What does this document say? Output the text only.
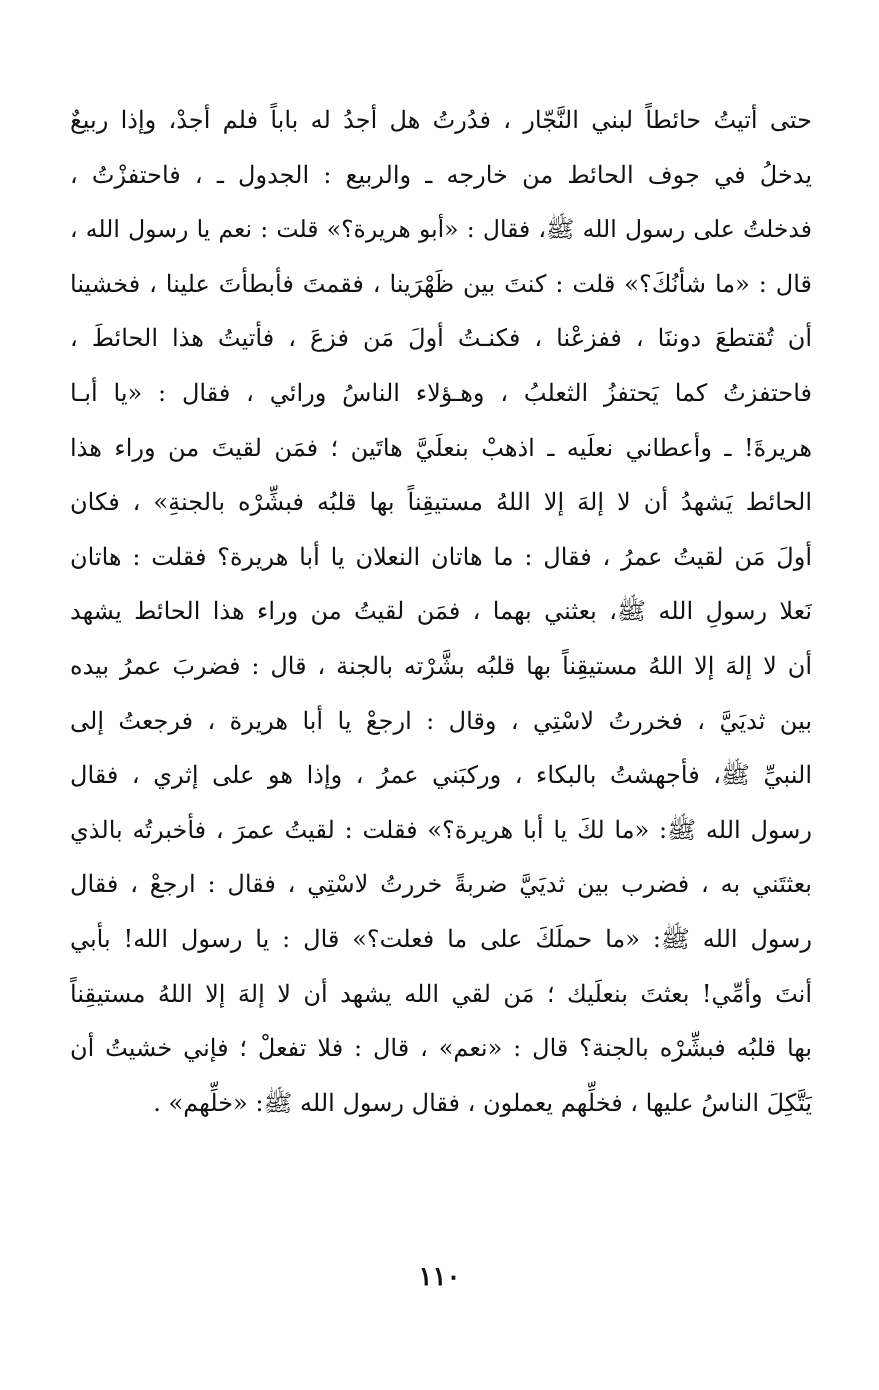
حتى أتيتُ حائطاً لبني النَّجّار ، فدُرتُ هل أجدُ له باباً فلم أجدْ، وإذا ربيعٌ
يدخلُ في جوف الحائط من خارجه ـ والربيع : الجدول ـ ، فاحتفزْتُ ،
فدخلتُ على رسول الله ﷺ، فقال : «أبو هريرة؟» قلت : نعم يا رسول الله ،
قال : «ما شأنُكَ؟» قلت : كنتَ بين ظَهْرَينا ، فقمتَ فأبطأتَ علينا ، فخشينا
أن تُقتطعَ دوننَا ، ففزعْنا ، فكنـتُ أولَ مَن فزعَ ، فأتيتُ هذا الحائطَ ،
فاحتفزتُ كما يَحتفزُ الثعلبُ ، وهـؤلاء الناسُ ورائي ، فقال : «يا أبـا
هريرةَ! ـ وأعطاني نعلَيه ـ اذهبْ بنعلَيَّ هاتَين ؛ فمَن لقيتَ من وراء هذا
الحائط يَشهدُ أن لا إلهَ إلا اللهُ مستيقِناً بها قلبُه فبشِّرْه بالجنةِ» ، فكان
أولَ مَن لقيتُ عمرُ ، فقال : ما هاتان النعلان يا أبا هريرة؟ فقلت : هاتان
نَعلا رسولِ الله ﷺ، بعثني بهما ، فمَن لقيتُ من وراء هذا الحائط يشهد
أن لا إلهَ إلا اللهُ مستيقِناً بها قلبُه بشَّرْته بالجنة ، قال : فضربَ عمرُ بيده
بين ثديَيَّ ، فخررتُ لاسْتِي ، وقال : ارجعْ يا أبا هريرة ، فرجعتُ إلى
النبيِّ ﷺ، فأجهشتُ بالبكاء ، وركبَني عمرُ ، وإذا هو على إثري ، فقال
رسول الله ﷺ: «ما لكَ يا أبا هريرة؟» فقلت : لقيتُ عمرَ ، فأخبرتُه بالذي
بعثتَني به ، فضرب بين ثديَيَّ ضربةً خررتُ لاسْتِي ، فقال : ارجعْ ، فقال
رسول الله ﷺ: «ما حملَكَ على ما فعلت؟» قال : يا رسول الله! بأبي
أنتَ وأمِّي! بعثتَ بنعلَيك ؛ مَن لقي الله يشهد أن لا إلهَ إلا اللهُ مستيقِناً
بها قلبُه فبشِّرْه بالجنة؟ قال : «نعم» ، قال : فلا تفعلْ ؛ فإني خشيتُ أن
يَتَّكِلَ الناسُ عليها ، فخلِّهم يعملون ، فقال رسول الله ﷺ: «خلِّهم» .
١١٠
